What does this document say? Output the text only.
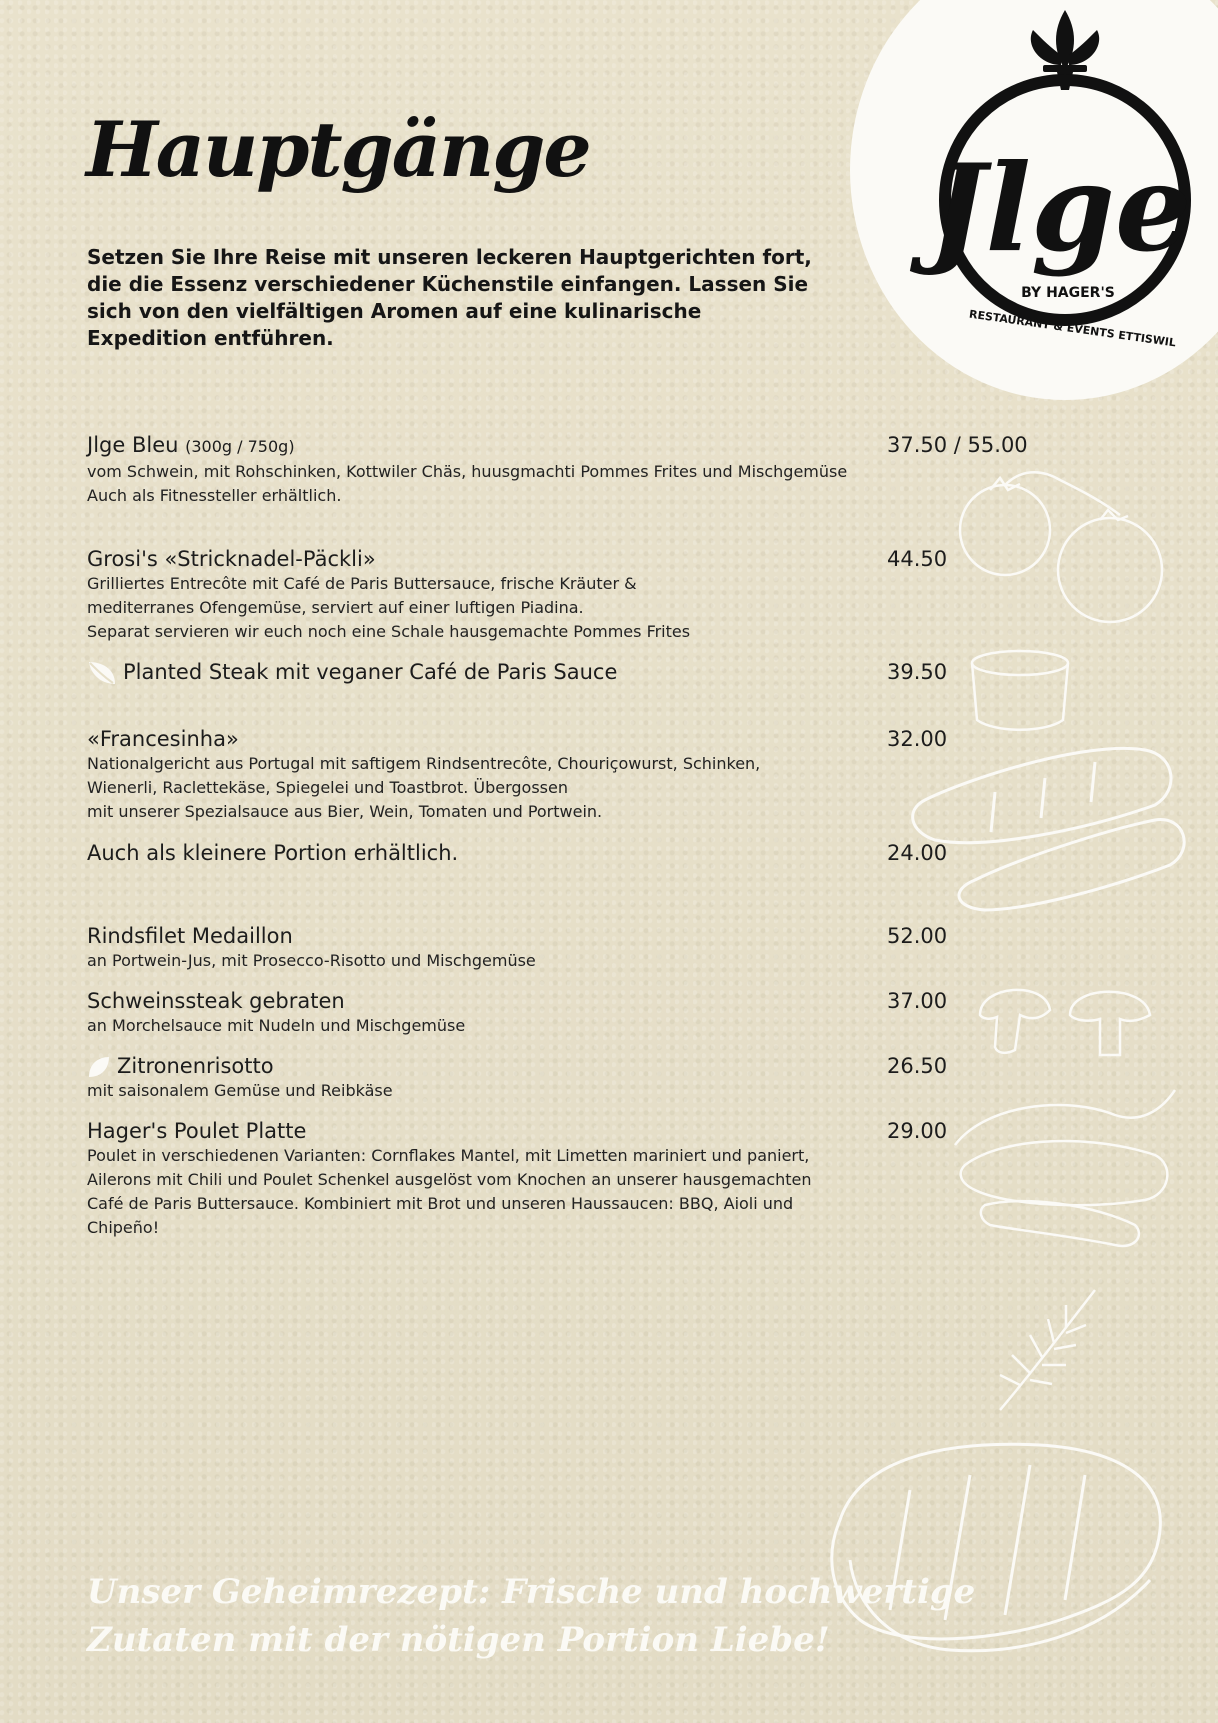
Jlge
BY HAGER'S
RESTAURANT & EVENTS ETTISWIL
Hauptgänge

Setzen Sie Ihre Reise mit unseren leckeren Hauptgerichten fort, die die Essenz verschiedener Küchenstile einfangen. Lassen Sie sich von den vielfältigen Aromen auf eine kulinarische Expedition entführen.

Jlge Bleu (300g / 750g)	37.50 / 55.00
vom Schwein, mit Rohschinken, Kottwiler Chäs, huusgmachti Pommes Frites und Mischgemüse
Auch als Fitnessteller erhältlich.
Grosi's «Stricknadel-Päckli»	44.50
Grilliertes Entrecôte mit Café de Paris Buttersauce, frische Kräuter &
mediterranes Ofengemüse, serviert auf einer luftigen Piadina.
Separat servieren wir euch noch eine Schale hausgemachte Pommes Frites
Planted Steak mit veganer Café de Paris Sauce	39.50
«Francesinha»	32.00
Nationalgericht aus Portugal mit saftigem Rindsentrecôte, Chouriçowurst, Schinken,
Wienerli, Raclettekäse, Spiegelei und Toastbrot. Übergossen
mit unserer Spezialsauce aus Bier, Wein, Tomaten und Portwein.
Auch als kleinere Portion erhältlich.	24.00
Rindsfilet Medaillon	52.00
an Portwein-Jus, mit Prosecco-Risotto und Mischgemüse
Schweinssteak gebraten	37.00
an Morchelsauce mit Nudeln und Mischgemüse
Zitronenrisotto	26.50
mit saisonalem Gemüse und Reibkäse
Hager's Poulet Platte	29.00
Poulet in verschiedenen Varianten: Cornflakes Mantel, mit Limetten mariniert und paniert,
Ailerons mit Chili und Poulet Schenkel ausgelöst vom Knochen an unserer hausgemachten
Café de Paris Buttersauce. Kombiniert mit Brot und unseren Haussaucen: BBQ, Aioli und
Chipeño!
Unser Geheimrezept: Frische und hochwertige
Zutaten mit der nötigen Portion Liebe!
